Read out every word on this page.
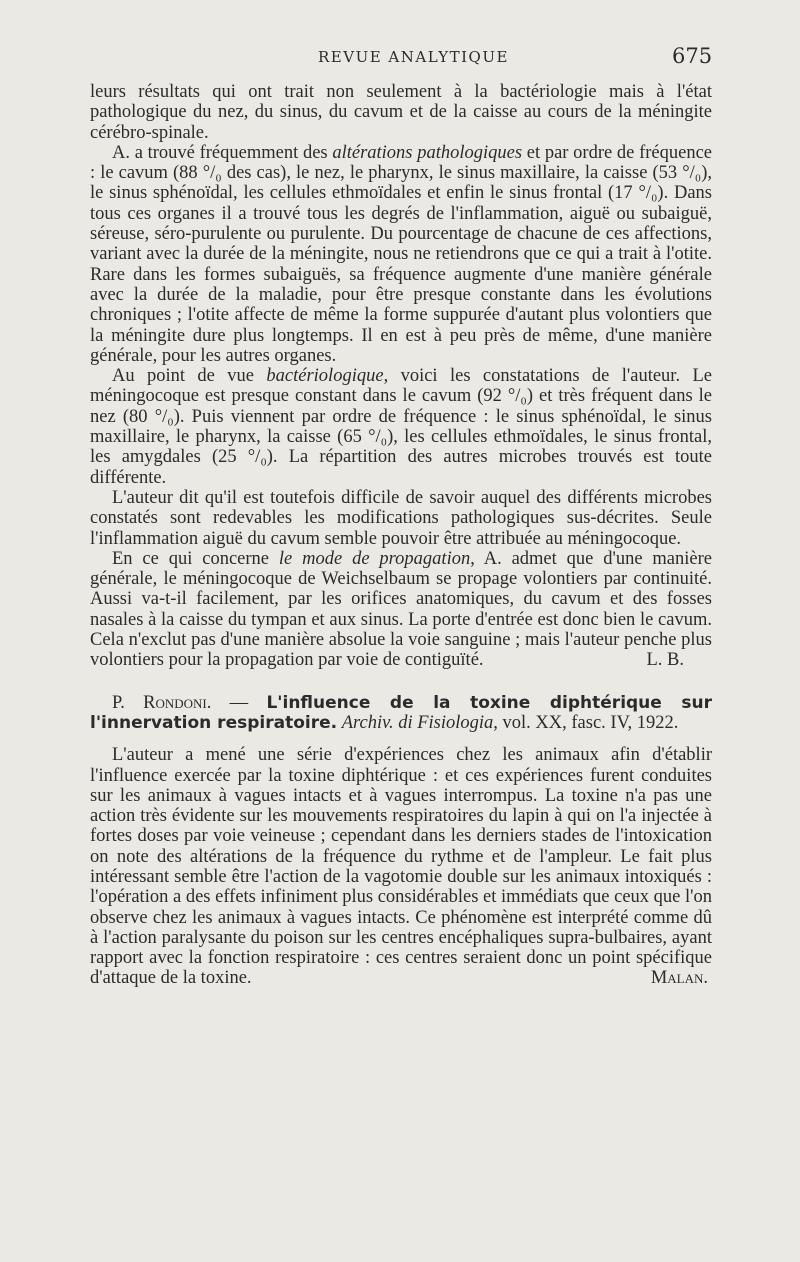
REVUE ANALYTIQUE	675

leurs résultats qui ont trait non seulement à la bactériologie mais à l'état pathologique du nez, du sinus, du cavum et de la caisse au cours de la méningite cérébro-spinale.

A. a trouvé fréquemment des altérations pathologiques et par ordre de fréquence : le cavum (88 °/₀ des cas), le nez, le pharynx, le sinus maxillaire, la caisse (53 °/₀), le sinus sphénoïdal, les cellules ethmoïdales et enfin le sinus frontal (17 °/₀). Dans tous ces organes il a trouvé tous les degrés de l'inflammation, aiguë ou subaiguë, séreuse, séro-purulente ou purulente. Du pourcentage de chacune de ces affections, variant avec la durée de la méningite, nous ne retiendrons que ce qui a trait à l'otite. Rare dans les formes subaiguës, sa fréquence augmente d'une manière générale avec la durée de la maladie, pour être presque constante dans les évolutions chroniques ; l'otite affecte de même la forme suppurée d'autant plus volontiers que la méningite dure plus longtemps. Il en est à peu près de même, d'une manière générale, pour les autres organes.

Au point de vue bactériologique, voici les constatations de l'auteur. Le méningocoque est presque constant dans le cavum (92 °/₀) et très fréquent dans le nez (80 °/₀). Puis viennent par ordre de fréquence : le sinus sphénoïdal, le sinus maxillaire, le pharynx, la caisse (65 °/₀), les cellules ethmoïdales, le sinus frontal, les amygdales (25 °/₀). La répartition des autres microbes trouvés est toute différente.

L'auteur dit qu'il est toutefois difficile de savoir auquel des différents microbes constatés sont redevables les modifications pathologiques sus-décrites. Seule l'inflammation aiguë du cavum semble pouvoir être attribuée au méningocoque.

En ce qui concerne le mode de propagation, A. admet que d'une manière générale, le méningocoque de Weichselbaum se propage volontiers par continuité. Aussi va-t-il facilement, par les orifices anatomiques, du cavum et des fosses nasales à la caisse du tympan et aux sinus. La porte d'entrée est donc bien le cavum. Cela n'exclut pas d'une manière absolue la voie sanguine ; mais l'auteur penche plus volontiers pour la propagation par voie de contiguïté.	L. B.

P. Rondoni. — L'influence de la toxine diphtérique sur l'innervation respiratoire. Archiv. di Fisiologia, vol. XX, fasc. IV, 1922.

L'auteur a mené une série d'expériences chez les animaux afin d'établir l'influence exercée par la toxine diphtérique : et ces expériences furent conduites sur les animaux à vagues intacts et à vagues interrompus. La toxine n'a pas une action très évidente sur les mouvements respiratoires du lapin à qui on l'a injectée à fortes doses par voie veineuse ; cependant dans les derniers stades de l'intoxication on note des altérations de la fréquence du rythme et de l'ampleur. Le fait plus intéressant semble être l'action de la vagotomie double sur les animaux intoxiqués : l'opération a des effets infiniment plus considérables et immédiats que ceux que l'on observe chez les animaux à vagues intacts. Ce phénomène est interprété comme dû à l'action paralysante du poison sur les centres encéphaliques supra-bulbaires, ayant rapport avec la fonction respiratoire : ces centres seraient donc un point spécifique d'attaque de la toxine.	Malan.
